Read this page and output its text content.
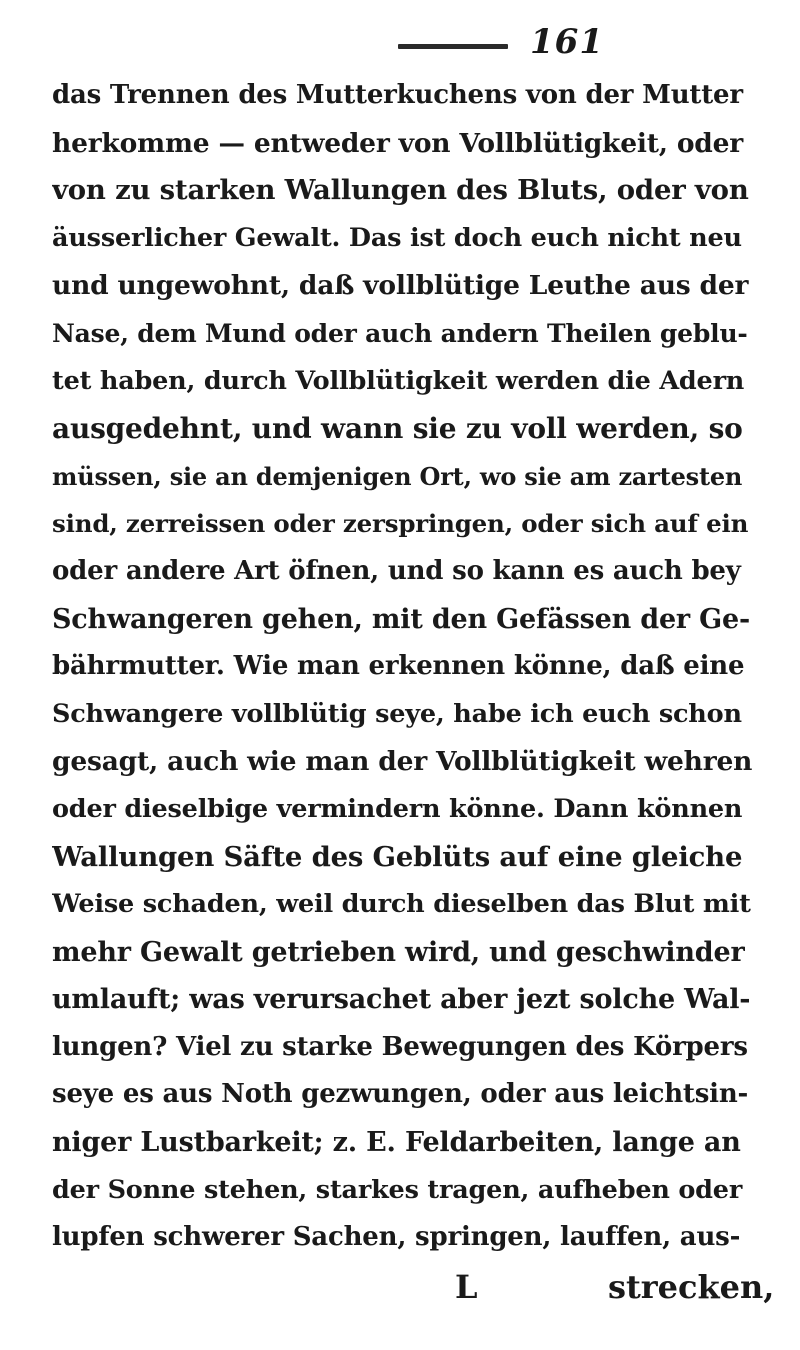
161
das Trennen des Mutterkuchens von der Mutter
herkomme — entweder von Vollblütigkeit, oder
von zu starken Wallungen des Bluts, oder von
äusserlicher Gewalt. Das ist doch euch nicht neu
und ungewohnt, daß vollblütige Leuthe aus der
Nase, dem Mund oder auch andern Theilen geblu-
tet haben, durch Vollblütigkeit werden die Adern
ausgedehnt, und wann sie zu voll werden, so
müssen, sie an demjenigen Ort, wo sie am zartesten
sind, zerreissen oder zerspringen, oder sich auf ein
oder andere Art öfnen, und so kann es auch bey
Schwangeren gehen, mit den Gefässen der Ge-
bährmutter. Wie man erkennen könne, daß eine
Schwangere vollblütig seye, habe ich euch schon
gesagt, auch wie man der Vollblütigkeit wehren
oder dieselbige vermindern könne. Dann können
Wallungen Säfte des Geblüts auf eine gleiche
Weise schaden, weil durch dieselben das Blut mit
mehr Gewalt getrieben wird, und geschwinder
umlauft; was verursachet aber jezt solche Wal-
lungen? Viel zu starke Bewegungen des Körpers
seye es aus Noth gezwungen, oder aus leichtsin-
niger Lustbarkeit; z. E. Feldarbeiten, lange an
der Sonne stehen, starkes tragen, aufheben oder
lupfen schwerer Sachen, springen, lauffen, aus-
L	strecken,
